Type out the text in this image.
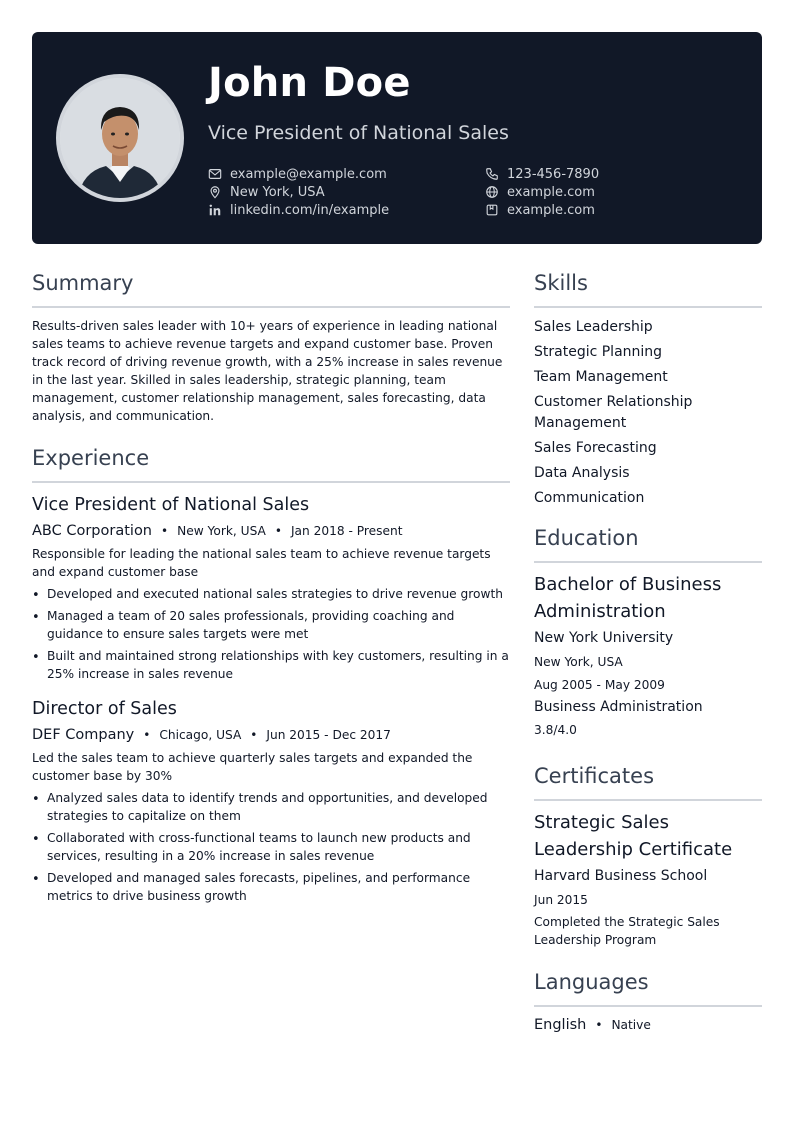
John Doe
Vice President of National Sales
example@example.com
New York, USA
linkedin.com/in/example
123-456-7890
example.com
example.com
Summary

Results-driven sales leader with 10+ years of experience in leading national sales teams to achieve revenue targets and expand customer base. Proven track record of driving revenue growth, with a 25% increase in sales revenue in the last year. Skilled in sales leadership, strategic planning, team management, customer relationship management, sales forecasting, data analysis, and communication.

Experience
Vice President of National Sales
ABC Corporation • New York, USA • Jan 2018 - Present

Responsible for leading the national sales team to achieve revenue targets and expand customer base

• Developed and executed national sales strategies to drive revenue growth
• Managed a team of 20 sales professionals, providing coaching and guidance to ensure sales targets were met
• Built and maintained strong relationships with key customers, resulting in a 25% increase in sales revenue
Director of Sales
DEF Company • Chicago, USA • Jun 2015 - Dec 2017

Led the sales team to achieve quarterly sales targets and expanded the customer base by 30%

• Analyzed sales data to identify trends and opportunities, and developed strategies to capitalize on them
• Collaborated with cross-functional teams to launch new products and services, resulting in a 20% increase in sales revenue
• Developed and managed sales forecasts, pipelines, and performance metrics to drive business growth
Skills
Sales Leadership
Strategic Planning
Team Management
Customer Relationship Management
Sales Forecasting
Data Analysis
Communication
Education
Bachelor of Business Administration
New York University
New York, USA
Aug 2005 - May 2009
Business Administration
3.8/4.0
Certificates
Strategic Sales Leadership Certificate
Harvard Business School
Jun 2015
Completed the Strategic Sales Leadership Program
Languages
English • Native
